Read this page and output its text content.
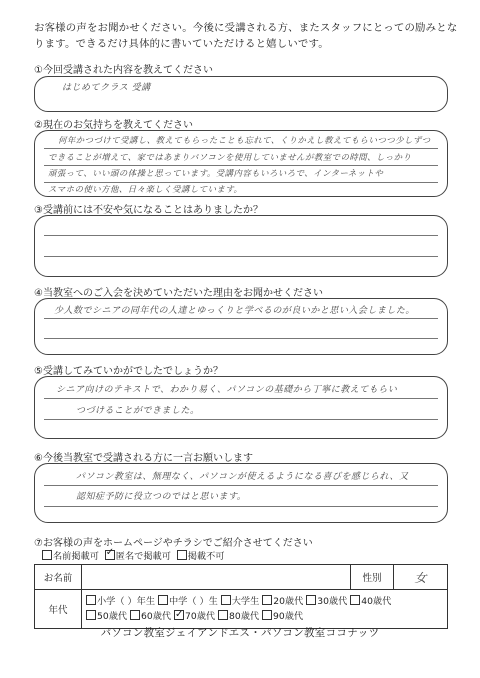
お客様の声をお聞かせください。今後に受講される方、またスタッフにとっての励みとな
ります。できるだけ具体的に書いていただけると嬉しいです。
①今回受講された内容を教えてください
はじめてクラス 受講
②現在のお気持ちを教えてください
何年かつづけて受講し、教えてもらったことも忘れて、くりかえし教えてもらいつつ少しずつ
できることが増えて、家ではあまりパソコンを使用していませんが教室での時間、しっかり
頑張って、いい頭の体操と思っています。受講内容もいろいろで、インターネットや
スマホの使い方他、日々楽しく受講しています。
③受講前には不安や気になることはありましたか？
④当教室へのご入会を決めていただいた理由をお聞かせください
少人数でシニアの同年代の人達とゆっくりと学べるのが良いかと思い入会しました。
⑤受講してみていかがでしたでしょうか？
シニア向けのテキストで、わかり易く、パソコンの基礎から丁寧に教えてもらい
つづけることができました。
⑥今後当教室で受講される方に一言お願いします
パソコン教室は、無理なく、パソコンが使えるようになる喜びを感じられ、又
認知症予防に役立つのではと思います。
⑦お客様の声をホームページやチラシでご紹介させてください
名前掲載可 ✓ 匿名で掲載可 掲載不可
お名前		性別	女
年代	小学（ ）年生 中学（ ）生 大学生 20歳代 30歳代 40歳代
50歳代 60歳代 ✓ 70歳代 80歳代 90歳代		
パソコン教室ジェイアンドエス・パソコン教室ココナッツ
